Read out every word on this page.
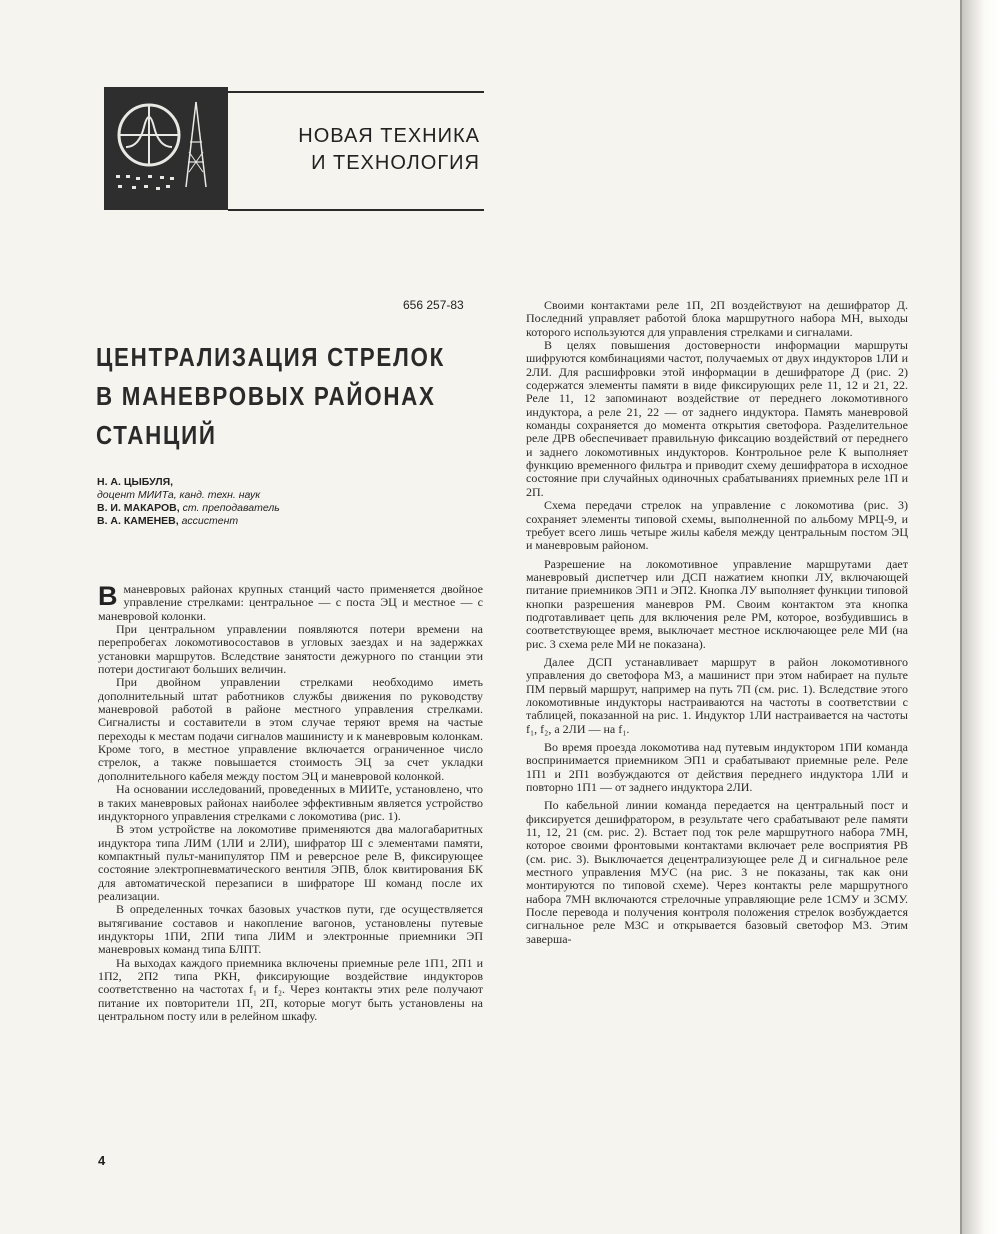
НОВАЯ ТЕХНИКА
И ТЕХНОЛОГИЯ
656 257-83
ЦЕНТРАЛИЗАЦИЯ СТРЕЛОК
В МАНЕВРОВЫХ РАЙОНАХ
СТАНЦИЙ
Н. А. ЦЫБУЛЯ,
доцент МИИТа, канд. техн. наук
В. И. МАКАРОВ, ст. преподаватель
В. А. КАМЕНЕВ, ассистент

Вманевровых районах крупных станций часто применяется двойное управление стрелками: центральное — с поста ЭЦ и местное — с маневровой колонки.

При центральном управлении появляются потери времени на перепробегах локомотивосоставов в угловых заездах и на задержках установки маршрутов. Вследствие занятости дежурного по станции эти потери достигают больших величин.

При двойном управлении стрелками необходимо иметь дополнительный штат работников службы движения по руководству маневровой работой в районе местного управления стрелками. Сигналисты и составители в этом случае теряют время на частые переходы к местам подачи сигналов машинисту и к маневровым колонкам. Кроме того, в местное управление включается ограниченное число стрелок, а также повышается стоимость ЭЦ за счет укладки дополнительного кабеля между постом ЭЦ и маневровой колонкой.

На основании исследований, проведенных в МИИТе, установлено, что в таких маневровых районах наиболее эффективным является устройство индукторного управления стрелками с локомотива (рис. 1).

В этом устройстве на локомотиве применяются два малогабаритных индуктора типа ЛИМ (1ЛИ и 2ЛИ), шифратор Ш с элементами памяти, компактный пульт-манипулятор ПМ и реверсное реле В, фиксирующее состояние электропневматического вентиля ЭПВ, блок квитирования БК для автоматической перезаписи в шифраторе Ш команд после их реализации.

В определенных точках базовых участков пути, где осуществляется вытягивание составов и накопление вагонов, установлены путевые индукторы 1ПИ, 2ПИ типа ЛИМ и электронные приемники ЭП маневровых команд типа БЛПТ.

На выходах каждого приемника включены приемные реле 1П1, 2П1 и 1П2, 2П2 типа РКН, фиксирующие воздействие индукторов соответственно на частотах f₁ и f₂. Через контакты этих реле получают питание их повторители 1П, 2П, которые могут быть установлены на центральном посту или в релейном шкафу.

Своими контактами реле 1П, 2П воздействуют на дешифратор Д. Последний управляет работой блока маршрутного набора МН, выходы которого используются для управления стрелками и сигналами.

В целях повышения достоверности информации маршруты шифруются комбинациями частот, получаемых от двух индукторов 1ЛИ и 2ЛИ. Для расшифровки этой информации в дешифраторе Д (рис. 2) содержатся элементы памяти в виде фиксирующих реле 11, 12 и 21, 22. Реле 11, 12 запоминают воздействие от переднего локомотивного индуктора, а реле 21, 22 — от заднего индуктора. Память маневровой команды сохраняется до момента открытия светофора. Разделительное реле ДРВ обеспечивает правильную фиксацию воздействий от переднего и заднего локомотивных индукторов. Контрольное реле К выполняет функцию временного фильтра и приводит схему дешифратора в исходное состояние при случайных одиночных срабатываниях приемных реле 1П и 2П.

Схема передачи стрелок на управление с локомотива (рис. 3) сохраняет элементы типовой схемы, выполненной по альбому МРЦ-9, и требует всего лишь четыре жилы кабеля между центральным постом ЭЦ и маневровым районом.

Разрешение на локомотивное управление маршрутами дает маневровый диспетчер или ДСП нажатием кнопки ЛУ, включающей питание приемников ЭП1 и ЭП2. Кнопка ЛУ выполняет функции типовой кнопки разрешения маневров РМ. Своим контактом эта кнопка подготавливает цепь для включения реле РМ, которое, возбудившись в соответствующее время, выключает местное исключающее реле МИ (на рис. 3 схема реле МИ не показана).

Далее ДСП устанавливает маршрут в район локомотивного управления до светофора М3, а машинист при этом набирает на пульте ПМ первый маршрут, например на путь 7П (см. рис. 1). Вследствие этого локомотивные индукторы настраиваются на частоты в соответствии с таблицей, показанной на рис. 1. Индуктор 1ЛИ настраивается на частоты f₁, f₂, а 2ЛИ — на f₁.

Во время проезда локомотива над путевым индуктором 1ПИ команда воспринимается приемником ЭП1 и срабатывают приемные реле. Реле 1П1 и 2П1 возбуждаются от действия переднего индуктора 1ЛИ и повторно 1П1 — от заднего индуктора 2ЛИ.

По кабельной линии команда передается на центральный пост и фиксируется дешифратором, в результате чего срабатывают реле памяти 11, 12, 21 (см. рис. 2). Встает под ток реле маршрутного набора 7МН, которое своими фронтовыми контактами включает реле восприятия РВ (см. рис. 3). Выключается децентрализующее реле Д и сигнальное реле местного управления МУС (на рис. 3 не показаны, так как они монтируются по типовой схеме). Через контакты реле маршрутного набора 7МН включаются стрелочные управляющие реле 1СМУ и 3СМУ. После перевода и получения контроля положения стрелок возбуждается сигнальное реле М3С и открывается базовый светофор М3. Этим заверша-

4
